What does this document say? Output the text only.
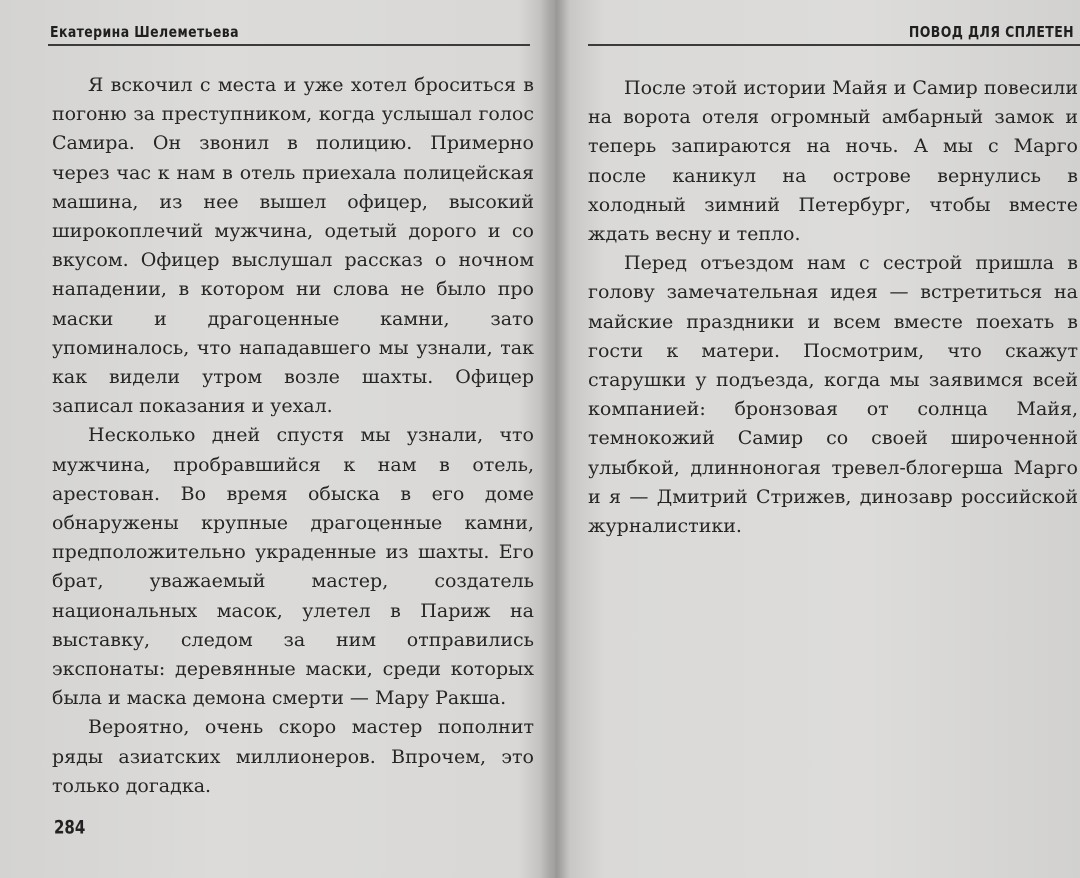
Екатерина Шелеметьева

Я вскочил с места и уже хотел броситься в погоню за преступником, когда услышал голос Самира. Он звонил в полицию. Примерно через час к нам в отель приехала полицейская машина, из нее вышел офицер, высокий широкоплечий мужчина, одетый дорого и со вкусом. Офицер выслушал рассказ о ночном нападении, в котором ни слова не было про маски и драгоценные камни, зато упоминалось, что нападавшего мы узнали, так как видели утром возле шахты. Офицер записал показания и уехал.

Несколько дней спустя мы узнали, что мужчина, пробравшийся к нам в отель, арестован. Во время обыска в его доме обнаружены крупные драгоценные камни, предположительно украденные из шахты. Его брат, уважаемый мастер, создатель национальных масок, улетел в Париж на выставку, следом за ним отправились экспонаты: деревянные маски, среди которых была и маска демона смерти — Мару Ракша.

Вероятно, очень скоро мастер пополнит ряды азиатских миллионеров. Впрочем, это только догадка.

284
ПОВОД ДЛЯ СПЛЕТЕН

После этой истории Майя и Самир повесили на ворота отеля огромный амбарный замок и теперь запираются на ночь. А мы с Марго после каникул на острове вернулись в холодный зимний Петербург, чтобы вместе ждать весну и тепло.

Перед отъездом нам с сестрой пришла в голову замечательная идея — встретиться на майские праздники и всем вместе поехать в гости к матери. Посмотрим, что скажут старушки у подъезда, когда мы заявимся всей компанией: бронзовая от солнца Майя, темнокожий Самир со своей широченной улыбкой, длинноногая тревел-блогерша Марго и я — Дмитрий Стрижев, динозавр российской журналистики.
